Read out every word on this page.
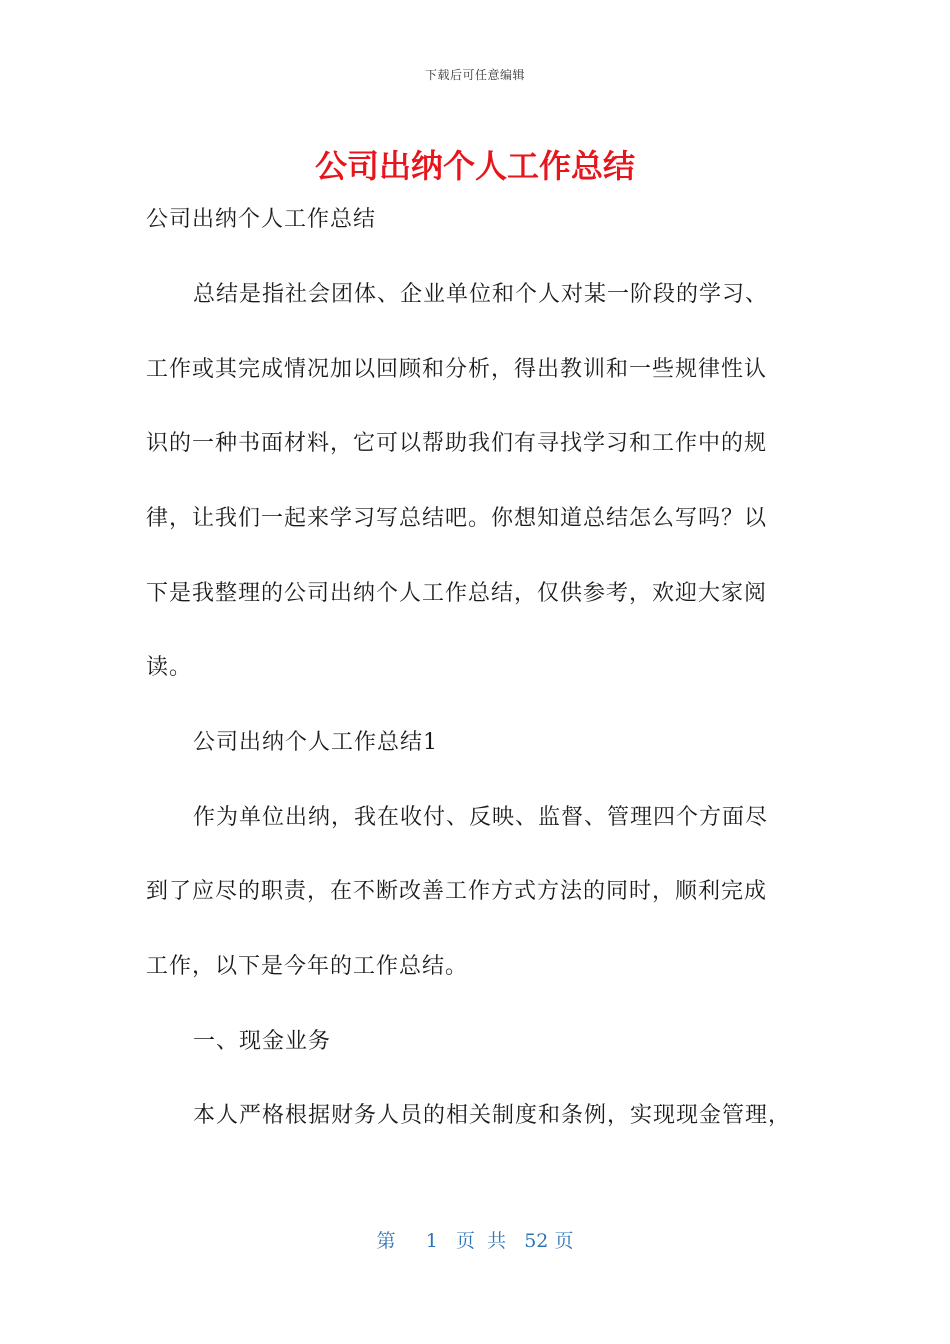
下载后可任意编辑
公司出纳个人工作总结
公司出纳个人工作总结
总结是指社会团体、企业单位和个人对某一阶段的学习、
工作或其完成情况加以回顾和分析，得出教训和一些规律性认
识的一种书面材料，它可以帮助我们有寻找学习和工作中的规
律，让我们一起来学习写总结吧。你想知道总结怎么写吗？以
下是我整理的公司出纳个人工作总结，仅供参考，欢迎大家阅
读。
公司出纳个人工作总结1
作为单位出纳，我在收付、反映、监督、管理四个方面尽
到了应尽的职责，在不断改善工作方式方法的同时，顺利完成
工作，以下是今年的工作总结。
一、现金业务
本人严格根据财务人员的相关制度和条例，实现现金管理，
第 1 页  共 52 页
